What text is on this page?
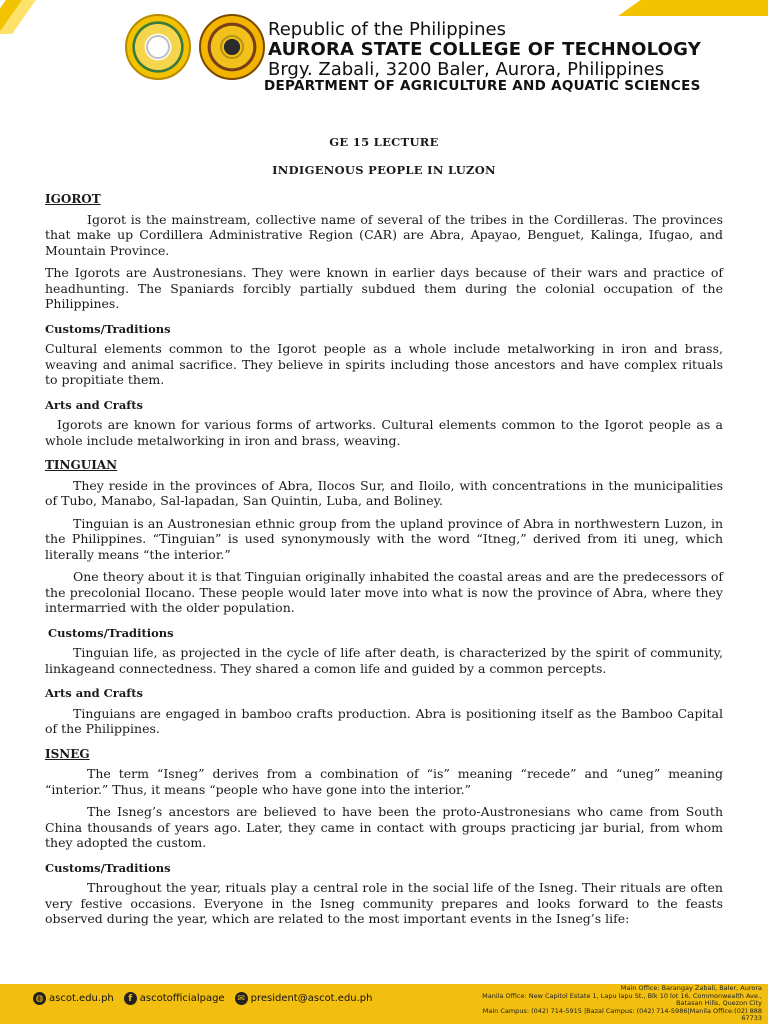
Republic of the Philippines
AURORA STATE COLLEGE OF TECHNOLOGY
Brgy. Zabali, 3200 Baler, Aurora, Philippines
DEPARTMENT OF AGRICULTURE AND AQUATIC SCIENCES
GE 15 LECTURE
INDIGENOUS PEOPLE IN LUZON
IGOROT

Igorot is the mainstream, collective name of several of the tribes in the Cordilleras. The provinces that make up Cordillera Administrative Region (CAR) are Abra, Apayao, Benguet, Kalinga, Ifugao, and Mountain Province.

The Igorots are Austronesians. They were known in earlier days because of their wars and practice of headhunting. The Spaniards forcibly partially subdued them during the colonial occupation of the Philippines.

Customs/Traditions

Cultural elements common to the Igorot people as a whole include metalworking in iron and brass, weaving and animal sacrifice. They believe in spirits including those ancestors and have complex rituals to propitiate them.

Arts and Crafts

Igorots are known for various forms of artworks. Cultural elements common to the Igorot people as a whole include metalworking in iron and brass, weaving.

TINGUIAN

They reside in the provinces of Abra, Ilocos Sur, and Iloilo, with concentrations in the municipalities of Tubo, Manabo, Sal-lapadan, San Quintin, Luba, and Boliney.

Tinguian is an Austronesian ethnic group from the upland province of Abra in northwestern Luzon, in the Philippines. “Tinguian” is used synonymously with the word “Itneg,” derived from iti uneg, which literally means “the interior.”

One theory about it is that Tinguian originally inhabited the coastal areas and are the predecessors of the precolonial Ilocano. These people would later move into what is now the province of Abra, where they intermarried with the older population.

Customs/Traditions

Tinguian life, as projected in the cycle of life after death, is characterized by the spirit of community, linkageand connectedness. They shared a comon life and guided by a common percepts.

Arts and Crafts

Tinguians are engaged in bamboo crafts production. Abra is positioning itself as the Bamboo Capital of the Philippines.

ISNEG

The term “Isneg” derives from a combination of “is” meaning “recede” and “uneg” meaning “interior.” Thus, it means “people who have gone into the interior.”

The Isneg’s ancestors are believed to have been the proto-Austronesians who came from South China thousands of years ago. Later, they came in contact with groups practicing jar burial, from whom they adopted the custom.

Customs/Traditions

Throughout the year, rituals play a central role in the social life of the Isneg. Their rituals are often very festive occasions. Everyone in the Isneg community prepares and looks forward to the feasts observed during the year, which are related to the most important events in the Isneg’s life:

◍ ascot.edu.ph	f ascotofficialpage	✉ president@ascot.edu.ph
Main Office: Barangay Zabali, Baler, Aurora
Manila Office: New Capitol Estate 1, Lapu lapu St., Blk 10 lot 16, Commonwealth Ave.,
Batasan Hills, Quezon City
Main Campus: (042) 714-5915 |Bazal Campus: (042) 714-5986|Manila Office:(02) 888 67733
